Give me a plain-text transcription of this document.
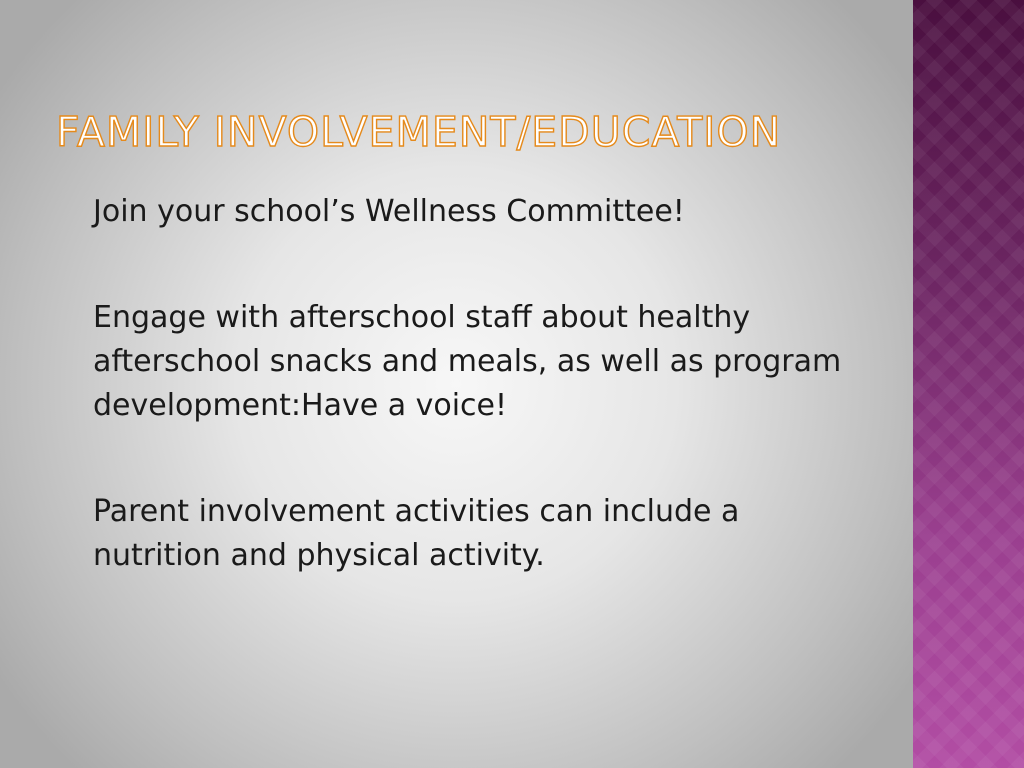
FAMILY INVOLVEMENT/EDUCATION
Join your school’s Wellness Committee!
Engage with afterschool staff about healthy afterschool snacks and meals, as well as program development:Have a voice!
Parent involvement activities can include a nutrition and physical activity.
